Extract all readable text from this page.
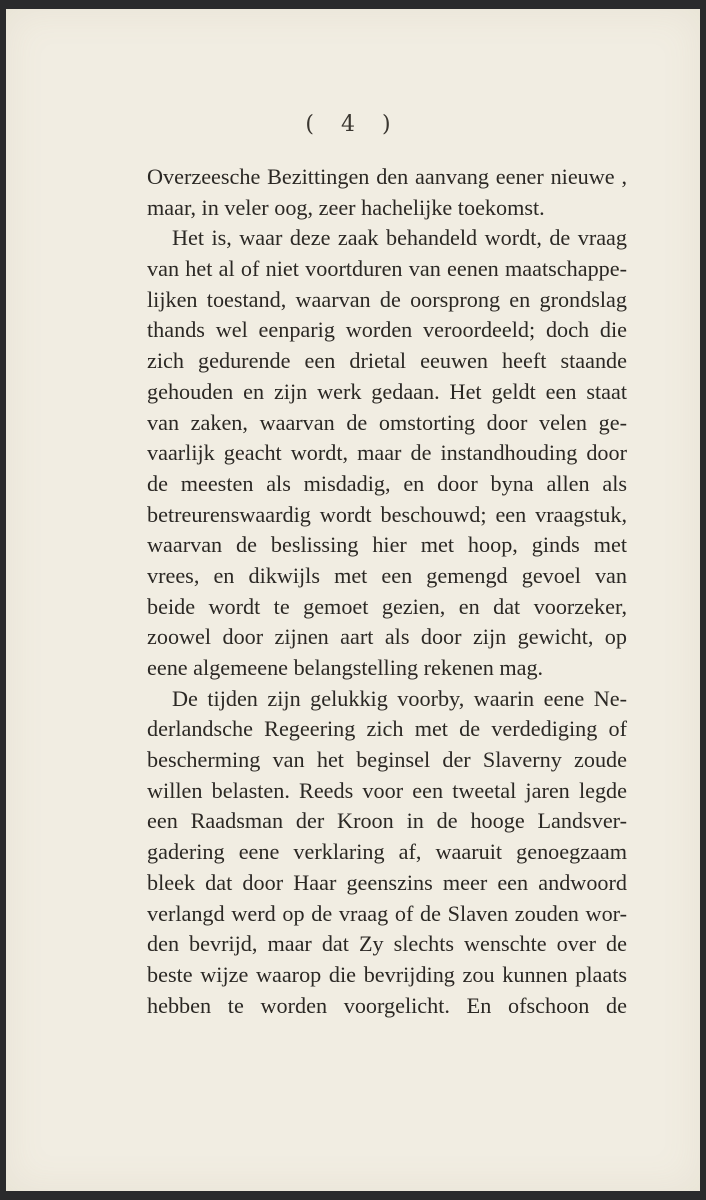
( 4 )
Overzeesche Bezittingen den aanvang eener nieuwe ,
maar, in veler oog, zeer hachelijke toekomst.
Het is, waar deze zaak behandeld wordt, de vraag
van het al of niet voortduren van eenen maatschappe-
lijken toestand, waarvan de oorsprong en grondslag
thands wel eenparig worden veroordeeld; doch die
zich gedurende een drietal eeuwen heeft staande
gehouden en zijn werk gedaan. Het geldt een staat
van zaken, waarvan de omstorting door velen ge-
vaarlijk geacht wordt, maar de instandhouding door
de meesten als misdadig, en door byna allen als
betreurenswaardig wordt beschouwd; een vraagstuk,
waarvan de beslissing hier met hoop, ginds met
vrees, en dikwijls met een gemengd gevoel van
beide wordt te gemoet gezien, en dat voorzeker,
zoowel door zijnen aart als door zijn gewicht, op
eene algemeene belangstelling rekenen mag.
De tijden zijn gelukkig voorby, waarin eene Ne-
derlandsche Regeering zich met de verdediging of
bescherming van het beginsel der Slaverny zoude
willen belasten. Reeds voor een tweetal jaren legde
een Raadsman der Kroon in de hooge Landsver-
gadering eene verklaring af, waaruit genoegzaam
bleek dat door Haar geenszins meer een andwoord
verlangd werd op de vraag of de Slaven zouden wor-
den bevrijd, maar dat Zy slechts wenschte over de
beste wijze waarop die bevrijding zou kunnen plaats
hebben te worden voorgelicht. En ofschoon de
